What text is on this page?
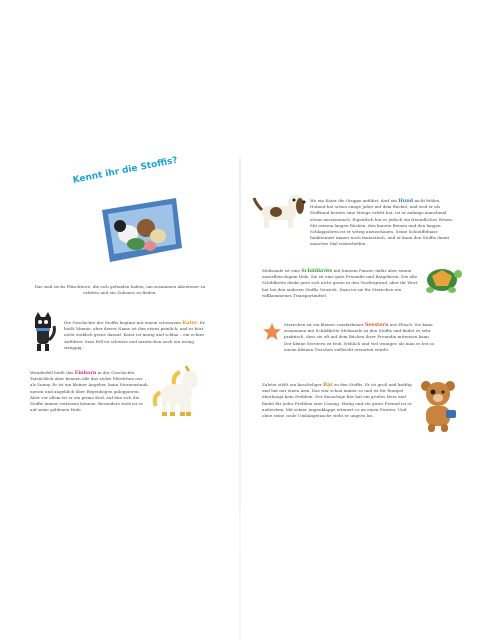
Kennt ihr die Stoffis?

Das sind sechs Plüschtiere, die sich gefunden haben, um zusammen Abenteuer zu erleben und ein Zuhause zu finden.

Die Geschichte der Stoffis beginnt mit einem schwarzen Kater. Er heißt Minnie, aber dieser Name ist ihm etwas peinlich, und er hört nicht wirklich gerne darauf. Kater ist mutig und schlau – ein echter Anführer. Sein Fell ist schwarz und inzwischen auch ein wenig struppig.

Wunderfell heißt das Einhorn in der Geschichte. Tatsächlich aber kennen alle das stolze Pferdchen nur als Sunny. Er ist ein kleiner Angeber, kann Sternenstaub niesen und angeblich über Regenbögen galoppieren. Aber vor allem ist er ein prima Kerl, auf den sich die Stoffis immer verlassen können. Besonders stolz ist er auf seine goldenen Hufe.

Wo ein Kater die Gruppe anführt, darf ein Hund nicht fehlen. Holmut hat schon einige Jahre auf dem Buckel, und weil er als Stofftund bereits eine Menge erlebt hat, ist er anfangs manchmal etwas misstrauisch. Eigentlich hat er jedoch ein freundliches Wesen. Mit seinem langen Rücken, den kurzen Beinen und den langen Schlappohren ist er witzig anzuschauen. Seine Schnüffelnase funktioniert immer noch fantastisch, und er kann den Stoffis damit manches Mal weiterhelfen.

Melisande ist eine Schildkröte mit buntem Panzer, dafür aber einem unzerfleischigem Hals. Sie ist eine gute Freundin und Ratgeberin. Die alte Schildkröte denkt gern sich nicht gerne in den Vordergrund, aber ihr Wort hat bei den anderen Stoffis Gewicht. Dazu ist sie für Sternchen ein willkommenes Transportmittel.

Sternchen ist ein kleiner rosafarbener Seestern aus Plüsch. Sie kann zusammen mit Schildkröte Melisande zu den Stoffis und findet es sehr praktisch, dass sie oft auf dem Rücken ihrer Freundin mitreisen kann. Der kleine Seestern ist froh, fröhlich und viel wuniger, als man es bei so einem kleinen Tierchen vielleicht erwarten würde.

Zuletzt stößt ein kuscheliger Bär zu den Stoffis. Er ist groß und kräftig und hat nur einen Arm. Das war schon immer so und ist für Rumpel überhaupt kein Problem. Der flauschige Bär hat ein großes Herz und findet für jedes Problem eine Lösung. Mutig und ein guter Freund ist er außerdem. Mit seiner Augenklappe erinnert er an einen Piraten. Und ohne seine coole Umhängetasche steht er ungern los.
